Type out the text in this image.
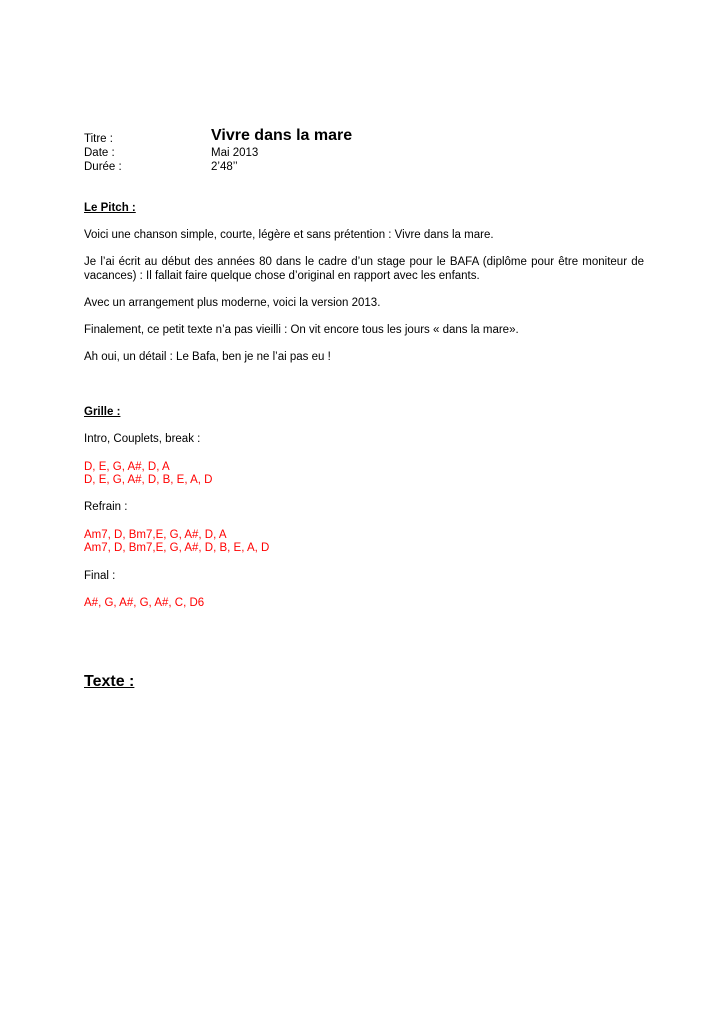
Titre :	Vivre dans la mare
Date :	Mai 2013
Durée :	2’48’’

Le Pitch :

Voici une chanson simple, courte, légère et sans prétention : Vivre dans la mare.

Je l’ai écrit au début des années 80 dans le cadre d’un stage pour le BAFA (diplôme pour être moniteur de vacances) : Il fallait faire quelque chose d’original en rapport avec les enfants.

Avec un arrangement plus moderne, voici la version 2013.

Finalement, ce petit texte n’a pas vieilli : On vit encore tous les jours « dans la mare».

Ah oui, un détail : Le Bafa, ben je ne l’ai pas eu !

Grille :

Intro, Couplets, break :

D, E, G, A#, D, A

D, E, G, A#, D, B, E, A, D

Refrain :

Am7, D, Bm7,E, G, A#, D, A

Am7, D, Bm7,E, G, A#, D, B, E, A, D

Final :

A#, G, A#, G, A#, C, D6

Texte :
